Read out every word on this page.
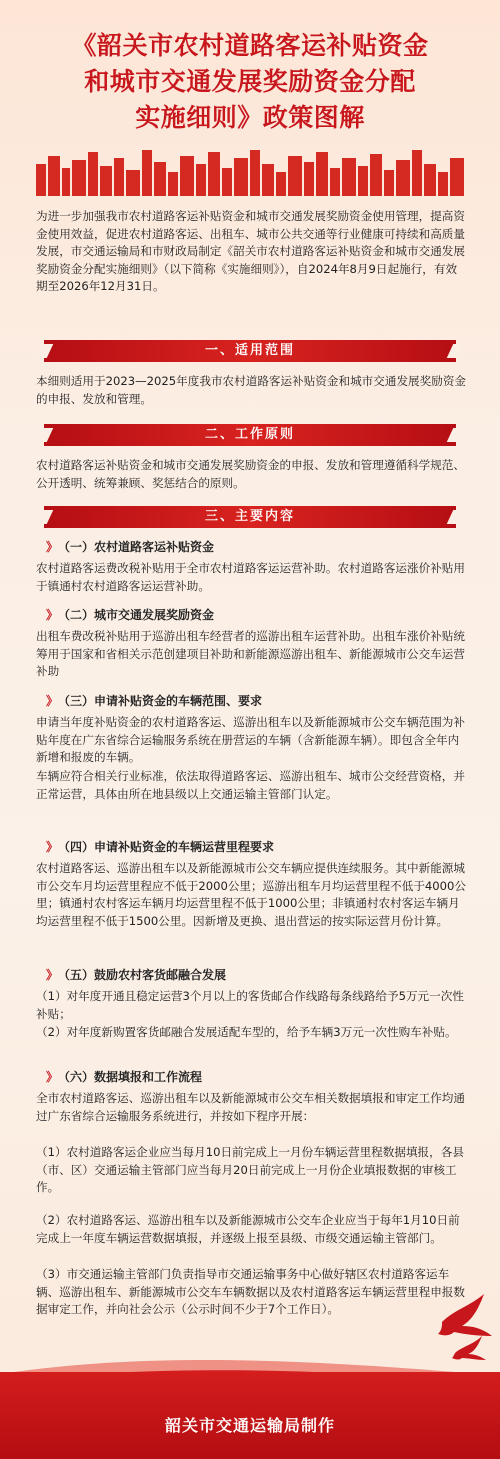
《韶关市农村道路客运补贴资金
和城市交通发展奖励资金分配
实施细则》政策图解
为进一步加强我市农村道路客运补贴资金和城市交通发展奖励资金使用管理，提高资金使用效益，促进农村道路客运、出租车、城市公共交通等行业健康可持续和高质量发展，市交通运输局和市财政局制定《韶关市农村道路客运补贴资金和城市交通发展奖励资金分配实施细则》（以下简称《实施细则》），自2024年8月9日起施行，有效期至2026年12月31日。
一、适用范围
本细则适用于2023—2025年度我市农村道路客运补贴资金和城市交通发展奖励资金的申报、发放和管理。
二、工作原则
农村道路客运补贴资金和城市交通发展奖励资金的申报、发放和管理遵循科学规范、公开透明、统筹兼顾、奖惩结合的原则。
三、主要内容
》 （一）农村道路客运补贴资金
农村道路客运费改税补贴用于全市农村道路客运运营补助。农村道路客运涨价补贴用于镇通村农村道路客运运营补助。
》 （二）城市交通发展奖励资金
出租车费改税补贴用于巡游出租车经营者的巡游出租车运营补助。出租车涨价补贴统筹用于国家和省相关示范创建项目补助和新能源巡游出租车、新能源城市公交车运营补助
》 （三）申请补贴资金的车辆范围、要求
申请当年度补贴资金的农村道路客运、巡游出租车以及新能源城市公交车辆范围为补贴年度在广东省综合运输服务系统在册营运的车辆（含新能源车辆）。即包含全年内新增和报废的车辆。
车辆应符合相关行业标准，依法取得道路客运、巡游出租车、城市公交经营资格，并正常运营，具体由所在地县级以上交通运输主管部门认定。
》 （四）申请补贴资金的车辆运营里程要求
农村道路客运、巡游出租车以及新能源城市公交车辆应提供连续服务。其中新能源城市公交车月均运营里程应不低于2000公里；巡游出租车月均运营里程不低于4000公里；镇通村农村客运车辆月均运营里程不低于1000公里；非镇通村农村客运车辆月均运营里程不低于1500公里。因新增及更换、退出营运的按实际运营月份计算。
》 （五）鼓励农村客货邮融合发展
（1）对年度开通且稳定运营3个月以上的客货邮合作线路每条线路给予5万元一次性补贴；
（2）对年度新购置客货邮融合发展适配车型的，给予车辆3万元一次性购车补贴。
》 （六）数据填报和工作流程
全市农村道路客运、巡游出租车以及新能源城市公交车相关数据填报和审定工作均通过广东省综合运输服务系统进行，并按如下程序开展：
（1）农村道路客运企业应当每月10日前完成上一月份车辆运营里程数据填报，各县（市、区）交通运输主管部门应当每月20日前完成上一月份企业填报数据的审核工作。
（2）农村道路客运、巡游出租车以及新能源城市公交车企业应当于每年1月10日前完成上一年度车辆运营数据填报，并逐级上报至县级、市级交通运输主管部门。
（3）市交通运输主管部门负责指导市交通运输事务中心做好辖区农村道路客运车辆、巡游出租车、新能源城市公交车车辆数据以及农村道路客运车辆运营里程申报数据审定工作，并向社会公示（公示时间不少于7个工作日）。
韶关市交通运输局制作
